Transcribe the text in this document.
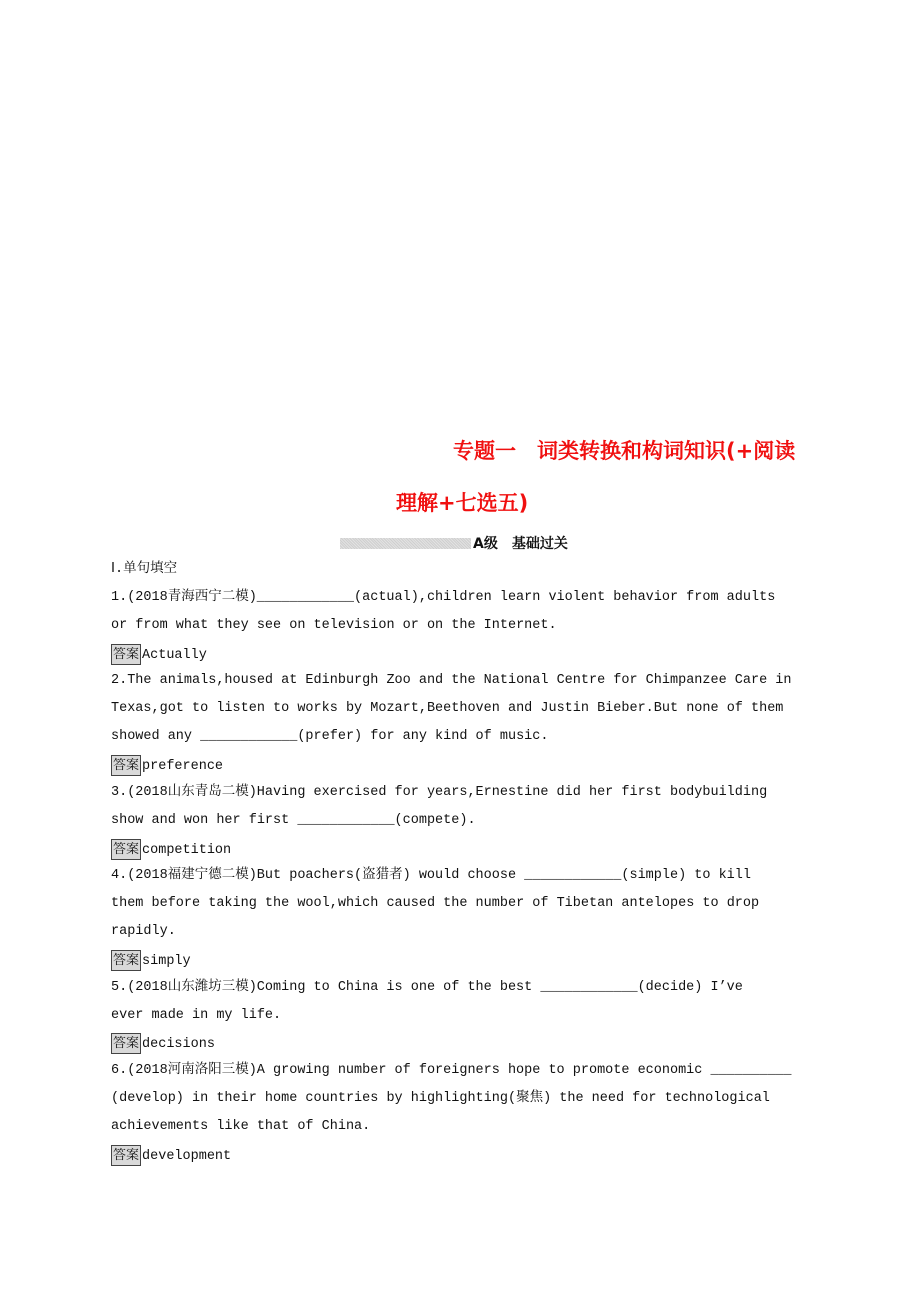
专题一　词类转换和构词知识(+阅读
理解+七选五)
A级　基础过关
Ⅰ.单句填空
1.(2018青海西宁二模)____________(actual),children learn violent behavior from adults
or from what they see on television or on the Internet.
答案 Actually
2.The animals,housed at Edinburgh Zoo and the National Centre for Chimpanzee Care in
Texas,got to listen to works by Mozart,Beethoven and Justin Bieber.But none of them
showed any ____________(prefer) for any kind of music.
答案 preference
3.(2018山东青岛二模)Having exercised for years,Ernestine did her first bodybuilding
show and won her first ____________(compete).
答案 competition
4.(2018福建宁德二模)But poachers(盗猎者) would choose ____________(simple) to kill
them before taking the wool,which caused the number of Tibetan antelopes to drop
rapidly.
答案 simply
5.(2018山东潍坊三模)Coming to China is one of the best ____________(decide) I’ve
ever made in my life.
答案 decisions
6.(2018河南洛阳三模)A growing number of foreigners hope to promote economic __________
(develop) in their home countries by highlighting(聚焦) the need for technological
achievements like that of China.
答案 development
